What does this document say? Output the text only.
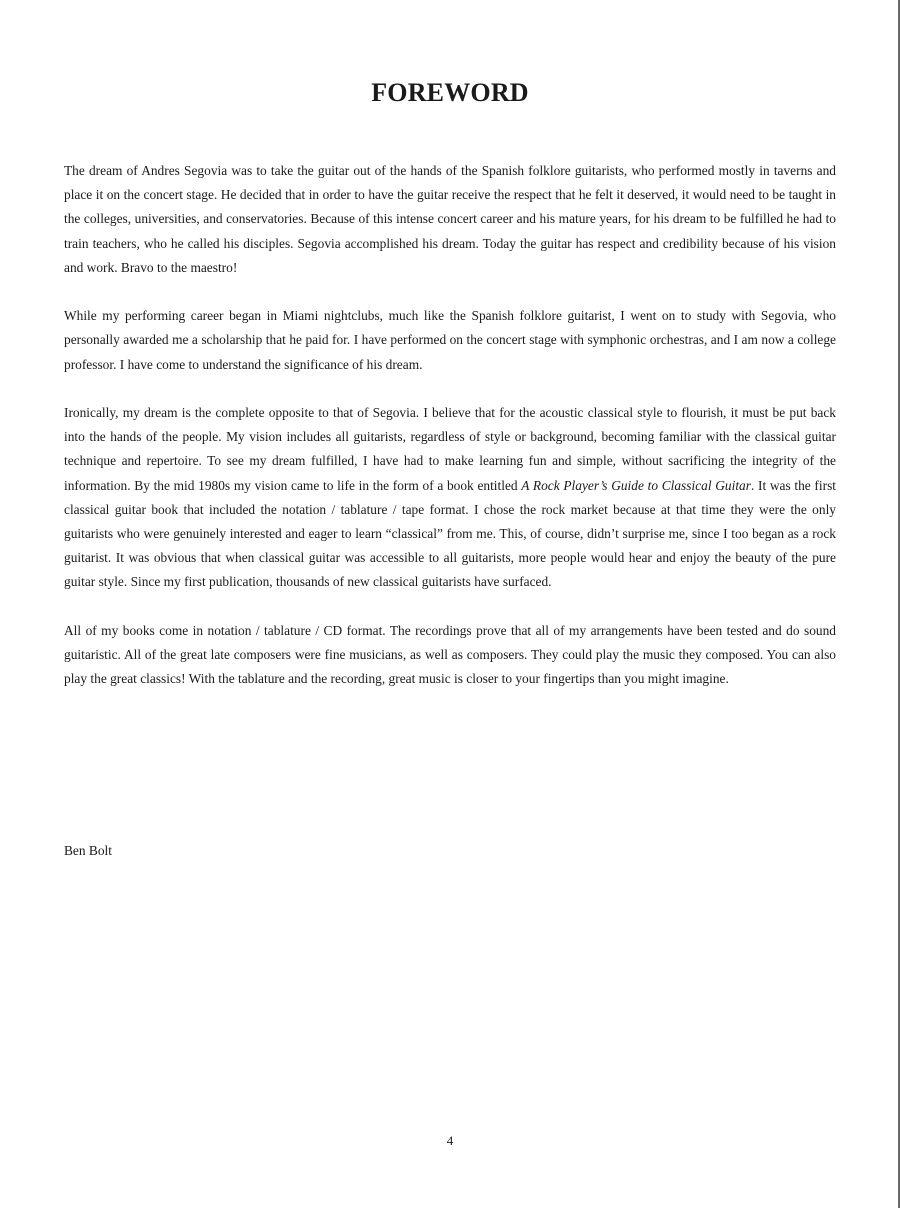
FOREWORD

The dream of Andres Segovia was to take the guitar out of the hands of the Spanish folklore guitarists, who performed mostly in taverns and place it on the concert stage. He decided that in order to have the guitar receive the respect that he felt it deserved, it would need to be taught in the colleges, universities, and conservatories. Because of this intense concert career and his mature years, for his dream to be fulfilled he had to train teachers, who he called his disciples. Segovia accomplished his dream. Today the guitar has respect and credibility because of his vision and work. Bravo to the maestro!

While my performing career began in Miami nightclubs, much like the Spanish folklore guitarist, I went on to study with Segovia, who personally awarded me a scholarship that he paid for. I have performed on the concert stage with symphonic orchestras, and I am now a college professor. I have come to understand the significance of his dream.

Ironically, my dream is the complete opposite to that of Segovia. I believe that for the acoustic classical style to flourish, it must be put back into the hands of the people. My vision includes all guitarists, regardless of style or background, becoming familiar with the classical guitar technique and repertoire. To see my dream fulfilled, I have had to make learning fun and simple, without sacrificing the integrity of the information. By the mid 1980s my vision came to life in the form of a book entitled A Rock Player’s Guide to Classical Guitar. It was the first classical guitar book that included the notation / tablature / tape format. I chose the rock market because at that time they were the only guitarists who were genuinely interested and eager to learn “classical” from me. This, of course, didn’t surprise me, since I too began as a rock guitarist. It was obvious that when classical guitar was accessible to all guitarists, more people would hear and enjoy the beauty of the pure guitar style. Since my first publication, thousands of new classical guitarists have surfaced.

All of my books come in notation / tablature / CD format. The recordings prove that all of my arrangements have been tested and do sound guitaristic. All of the great late composers were fine musicians, as well as composers. They could play the music they composed. You can also play the great classics! With the tablature and the recording, great music is closer to your fingertips than you might imagine.

Ben Bolt

4
